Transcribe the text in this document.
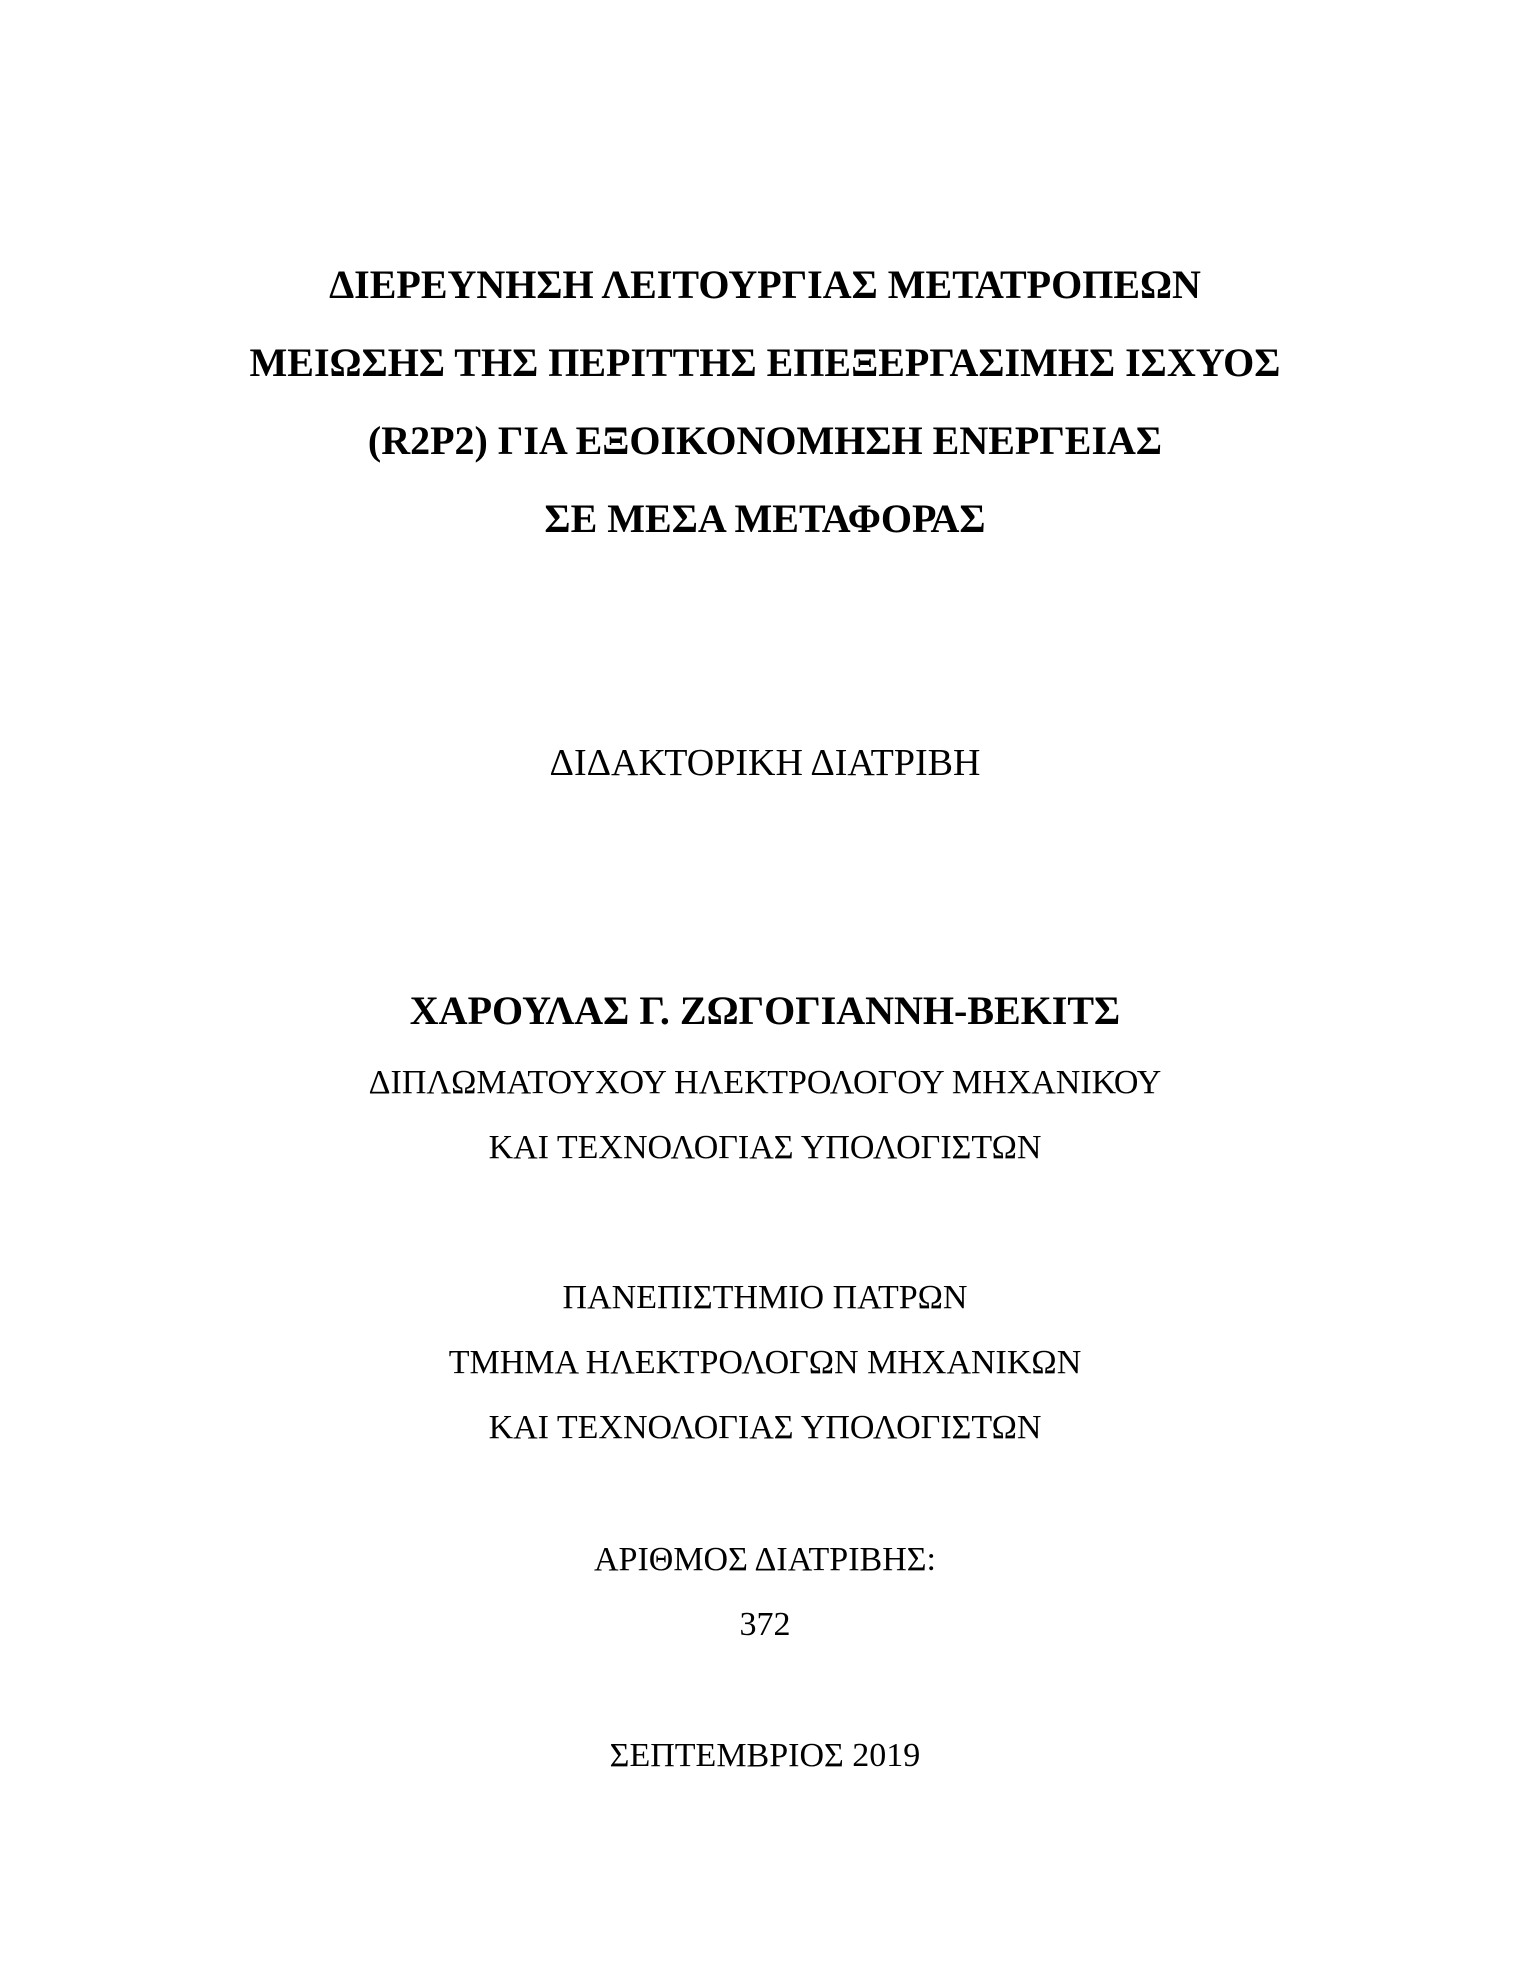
ΔΙΕΡΕΥΝΗΣΗ ΛΕΙΤΟΥΡΓΙΑΣ ΜΕΤΑΤΡΟΠΕΩΝ
ΜΕΙΩΣΗΣ ΤΗΣ ΠΕΡΙΤΤΗΣ ΕΠΕΞΕΡΓΑΣΙΜΗΣ ΙΣΧΥΟΣ
(R2P2) ΓΙΑ ΕΞΟΙΚΟΝΟΜΗΣΗ ΕΝΕΡΓΕΙΑΣ
ΣΕ ΜΕΣΑ ΜΕΤΑΦΟΡΑΣ
ΔΙΔΑΚΤΟΡΙΚΗ ΔΙΑΤΡΙΒΗ
ΧΑΡΟΥΛΑΣ Γ. ΖΩΓΟΓΙΑΝΝΗ-ΒΕΚΙΤΣ
ΔΙΠΛΩΜΑΤΟΥΧΟΥ ΗΛΕΚΤΡΟΛΟΓΟΥ ΜΗΧΑΝΙΚΟΥ
ΚΑΙ ΤΕΧΝΟΛΟΓΙΑΣ ΥΠΟΛΟΓΙΣΤΩΝ
ΠΑΝΕΠΙΣΤΗΜΙΟ ΠΑΤΡΩΝ
ΤΜΗΜΑ ΗΛΕΚΤΡΟΛΟΓΩΝ ΜΗΧΑΝΙΚΩΝ
ΚΑΙ ΤΕΧΝΟΛΟΓΙΑΣ ΥΠΟΛΟΓΙΣΤΩΝ
ΑΡΙΘΜΟΣ ΔΙΑΤΡΙΒΗΣ:
372
ΣΕΠΤΕΜΒΡΙΟΣ 2019
